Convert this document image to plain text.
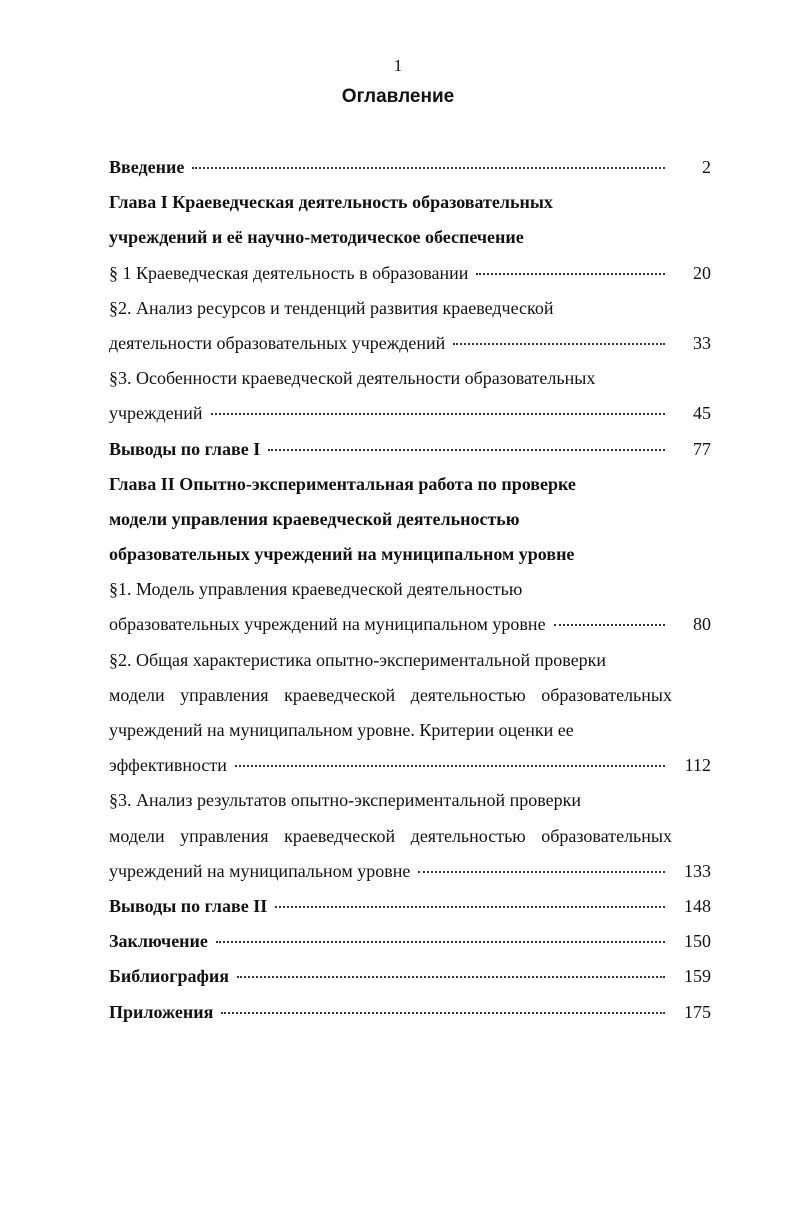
1
Оглавление
Введение	2
Глава I Краеведческая деятельность образовательных
учреждений и её научно-методическое обеспечение
§ 1 Краеведческая деятельность в образовании	20
§2. Анализ ресурсов и тенденций развития краеведческой
деятельности образовательных учреждений	33
§3. Особенности краеведческой деятельности образовательных
учреждений	45
Выводы по главе I	77
Глава II Опытно-экспериментальная работа по проверке
модели управления краеведческой деятельностью
образовательных учреждений на муниципальном уровне
§1. Модель управления краеведческой деятельностью
образовательных учреждений на муниципальном уровне	80
§2. Общая характеристика опытно-экспериментальной проверки
модели управления краеведческой деятельностью образовательных
учреждений на муниципальном уровне. Критерии оценки ее
эффективности	112
§3. Анализ результатов опытно-экспериментальной проверки
модели управления краеведческой деятельностью образовательных
учреждений на муниципальном уровне	133
Выводы по главе II	148
Заключение	150
Библиография	159
Приложения	175
